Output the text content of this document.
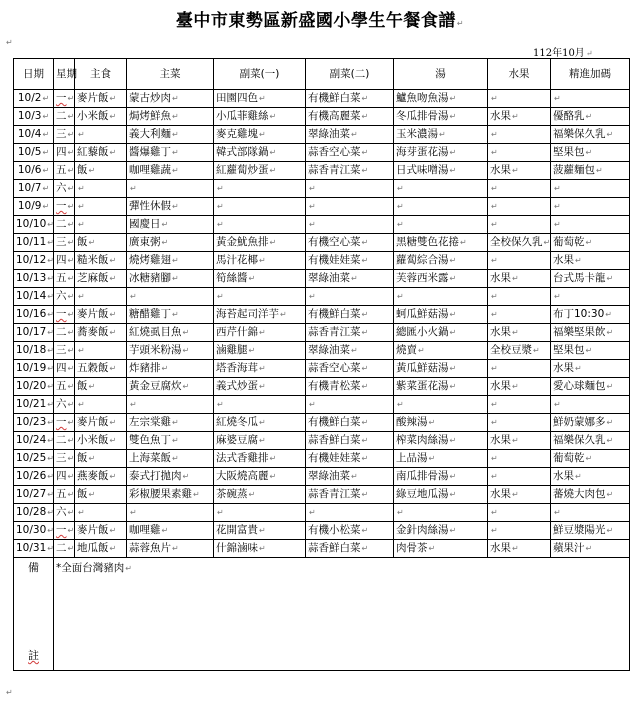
臺中市東勢區新盛國小學生午餐食譜↵
112年10月↵
↵
↵
日期	星期	主食	主菜	副菜(一)	副菜(二)	湯	水果	精進加碼
10/2↵	一↵	麥片飯↵	蒙古炒肉↵	田園四色↵	有機鮮白菜↵	鱸魚吻魚湯↵	↵	↵
10/3↵	二↵	小米飯↵	焗烤鮮魚↵	小瓜菲雞絲↵	有機高麗菜↵	冬瓜排骨湯↵	水果↵	優酪乳↵
10/4↵	三↵	↵	義大利麵↵	麥克雞塊↵	翠綠油菜↵	玉米濃湯↵	↵	福樂保久乳↵
10/5↵	四↵	紅藜飯↵	醬爆雞丁↵	韓式部隊鍋↵	蒜香空心菜↵	海芽蛋花湯↵	↵	堅果包↵
10/6↵	五↵	飯↵	咖哩雞蔬↵	紅蘿蔔炒蛋↵	蒜香青江菜↵	日式味噌湯↵	水果↵	菠蘿麵包↵
10/7↵	六↵	↵	↵	↵	↵	↵	↵	↵
10/9↵	一↵	↵	彈性休假↵	↵	↵	↵	↵	↵
10/10↵	二↵	↵	國慶日↵	↵	↵	↵	↵	↵
10/11↵	三↵	飯↵	廣東粥↵	黃金魷魚排↵	有機空心菜↵	黑糖雙色花捲↵	全校保久乳↵	葡萄乾↵
10/12↵	四↵	糙米飯↵	燒烤雞翅↵	馬汁花椰↵	有機娃娃菜↵	蘿蔔綜合湯↵	↵	水果↵
10/13↵	五↵	芝麻飯↵	冰糖豬腳↵	筍絲醬↵	翠綠油菜↵	芙蓉西米露↵	水果↵	台式馬卡龍↵
10/14↵	六↵	↵	↵	↵	↵	↵	↵	↵
10/16↵	一↵	麥片飯↵	糖醋雞丁↵	海苔起司洋芋↵	有機鮮白菜↵	蚵瓜鮮菇湯↵	↵	布丁10:30↵
10/17↵	二↵	蕎麥飯↵	紅燒虱目魚↵	西芹什錦↵	蒜香青江菜↵	總匯小火鍋↵	水果↵	福樂堅果飲↵
10/18↵	三↵	↵	芋頭米粉湯↵	滷雞腿↵	翠綠油菜↵	燒賣↵	全校豆漿↵	堅果包↵
10/19↵	四↵	五穀飯↵	炸豬排↵	塔香海茸↵	蒜香空心菜↵	黃瓜鮮菇湯↵	↵	水果↵
10/20↵	五↵	飯↵	黃金豆腐炊↵	義式炒蛋↵	有機青松菜↵	紫菜蛋花湯↵	水果↵	愛心球麵包↵
10/21↵	六↵	↵	↵	↵	↵	↵	↵	↵
10/23↵	一↵	麥片飯↵	左宗棠雞↵	紅燒冬瓜↵	有機鮮白菜↵	酸辣湯↵	↵	鮮奶蒙娜多↵
10/24↵	二↵	小米飯↵	雙色魚丁↵	麻婆豆腐↵	蒜香鮮白菜↵	榨菜肉絲湯↵	水果↵	福樂保久乳↵
10/25↵	三↵	飯↵	上海菜飯↵	法式香雞排↵	有機娃娃菜↵	上品湯↵	↵	葡萄乾↵
10/26↵	四↵	燕麥飯↵	泰式打拋肉↵	大阪燒高麗↵	翠綠油菜↵	南瓜排骨湯↵	↵	水果↵
10/27↵	五↵	飯↵	彩椒腰果素雞↵	茶碗蒸↵	蒜香青江菜↵	綠豆地瓜湯↵	水果↵	蕃燒大肉包↵
10/28↵	六↵	↵	↵	↵	↵	↵	↵	↵
10/30↵	一↵	麥片飯↵	咖哩雞↵	花開富貴↵	有機小松菜↵	金針肉絲湯↵	↵	鮮豆漿陽光↵
10/31↵	二↵	地瓜飯↵	蒜蓉魚片↵	什錦滷味↵	蒜香鮮白菜↵	肉骨茶↵	水果↵	蘋果汁↵

備
註	*全面台灣豬肉↵							
